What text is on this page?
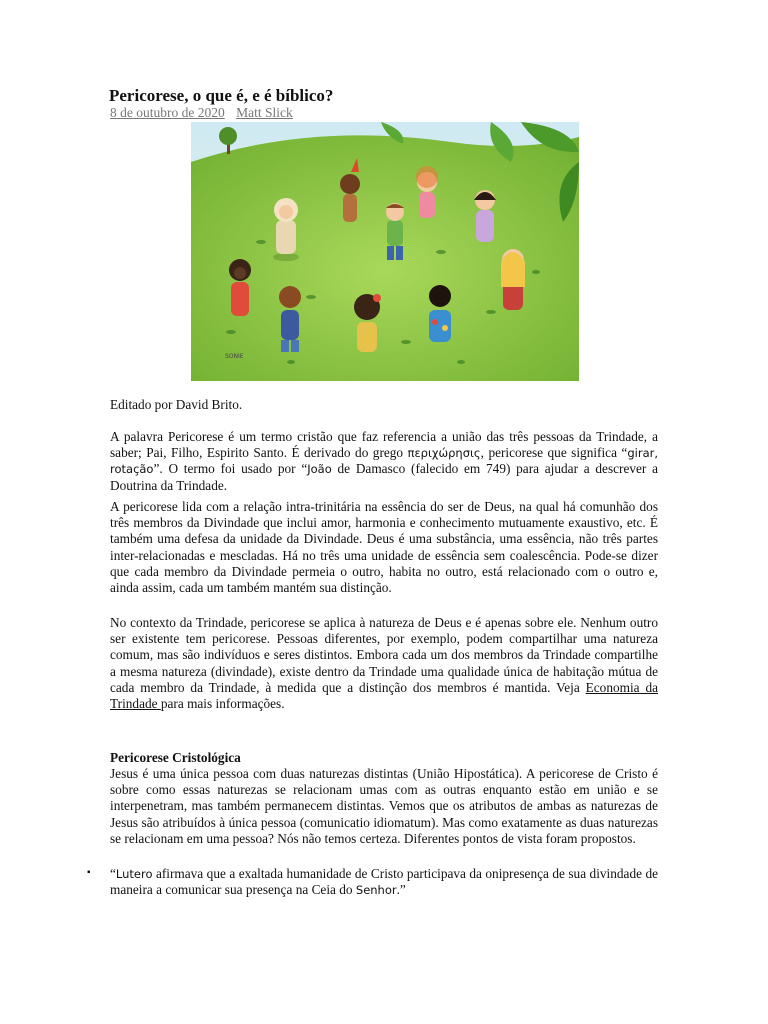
Pericorese, o que é, e é bíblico?
8 de outubro de 2020 Matt Slick
SONIE

Editado por David Brito.

A palavra Pericorese é um termo cristão que faz referencia a união das três pessoas da Trindade, a saber; Pai, Filho, Espirito Santo. É derivado do grego περιχώρησις, pericorese que significa “girar, rotação”. O termo foi usado por “João de Damasco (falecido em 749) para ajudar a descrever a Doutrina da Trindade.

A pericorese lida com a relação intra-trinitária na essência do ser de Deus, na qual há comunhão dos três membros da Divindade que inclui amor, harmonia e conhecimento mutuamente exaustivo, etc. É também uma defesa da unidade da Divindade. Deus é uma substância, uma essência, não três partes inter-relacionadas e mescladas. Há no três uma unidade de essência sem coalescência. Pode-se dizer que cada membro da Divindade permeia o outro, habita no outro, está relacionado com o outro e, ainda assim, cada um também mantém sua distinção.

No contexto da Trindade, pericorese se aplica à natureza de Deus e é apenas sobre ele. Nenhum outro ser existente tem pericorese. Pessoas diferentes, por exemplo, podem compartilhar uma natureza comum, mas são indivíduos e seres distintos. Embora cada um dos membros da Trindade compartilhe a mesma natureza (divindade), existe dentro da Trindade uma qualidade única de habitação mútua de cada membro da Trindade, à medida que a distinção dos membros é mantida. Veja Economia da Trindade para mais informações.

Pericorese Cristológica

Jesus é uma única pessoa com duas naturezas distintas (União Hipostática). A pericorese de Cristo é sobre como essas naturezas se relacionam umas com as outras enquanto estão em união e se interpenetram, mas também permanecem distintas. Vemos que os atributos de ambas as naturezas de Jesus são atribuídos à única pessoa (comunicatio idiomatum). Mas como exatamente as duas naturezas se relacionam em uma pessoa? Nós não temos certeza. Diferentes pontos de vista foram propostos.

▪ “Lutero afirmava que a exaltada humanidade de Cristo participava da onipresença de sua divindade de maneira a comunicar sua presença na Ceia do Senhor.”
